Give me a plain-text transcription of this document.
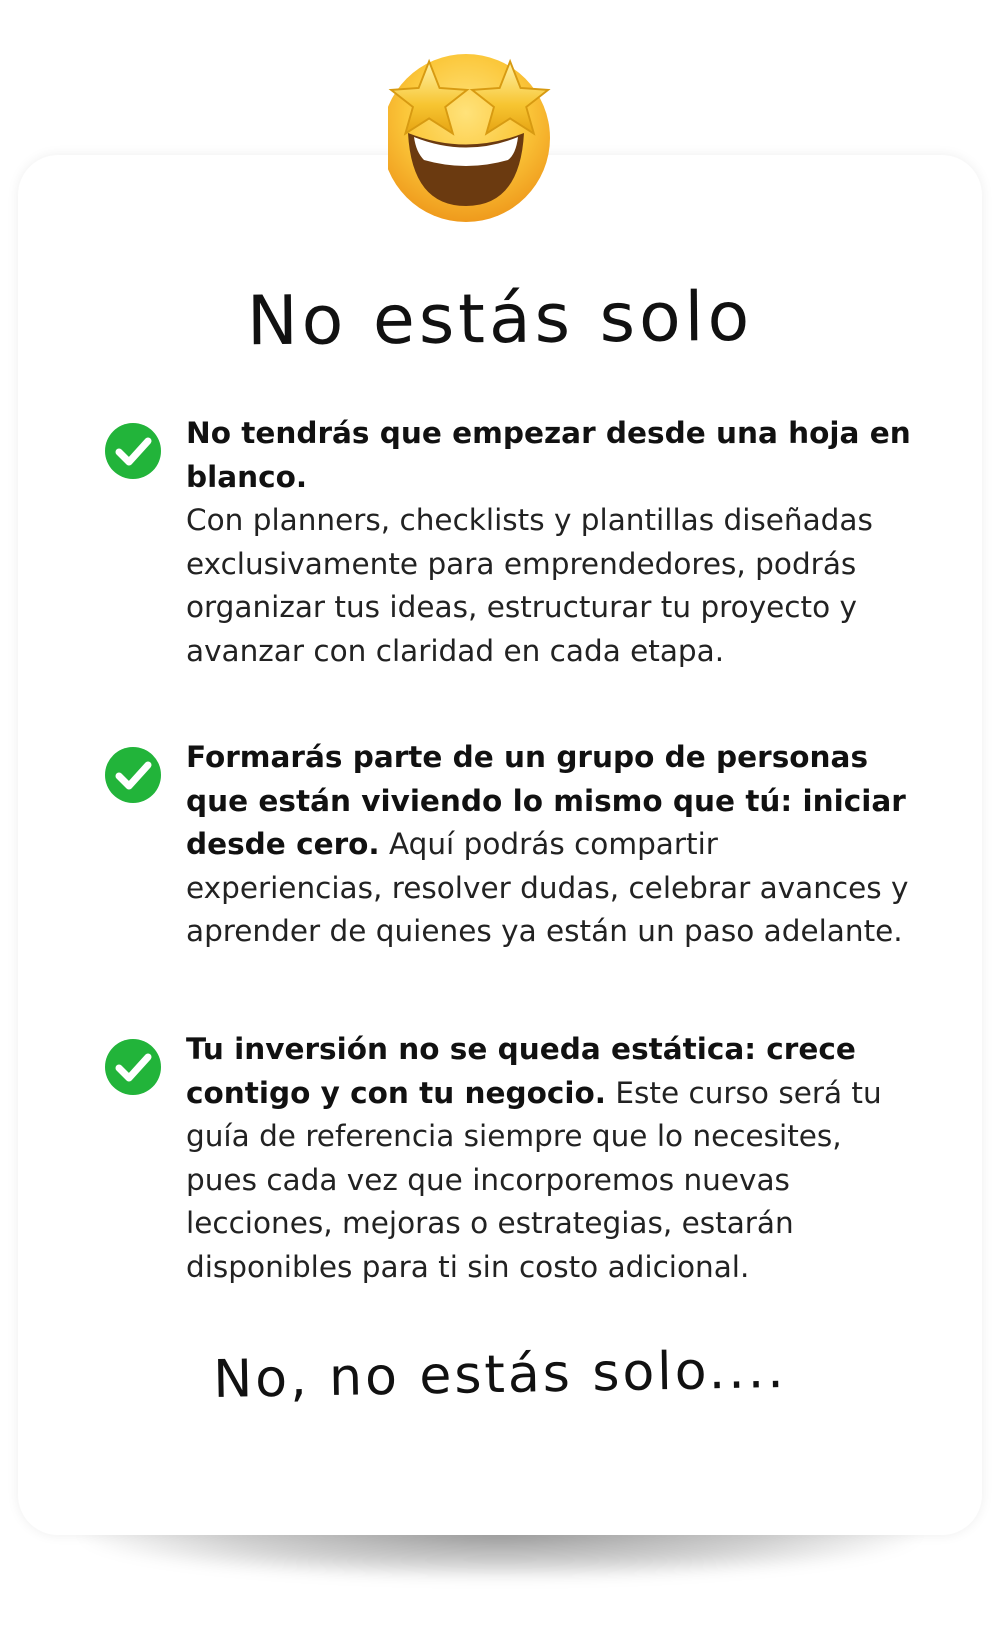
No estás solo
No tendrás que empezar desde una hoja en blanco.
Con planners, checklists y plantillas diseñadas exclusivamente para emprendedores, podrás organizar tus ideas, estructurar tu proyecto y avanzar con claridad en cada etapa.
Formarás parte de un grupo de personas que están viviendo lo mismo que tú: iniciar desde cero. Aquí podrás compartir experiencias, resolver dudas, celebrar avances y aprender de quienes ya están un paso adelante.
Tu inversión no se queda estática: crece contigo y con tu negocio. Este curso será tu guía de referencia siempre que lo necesites, pues cada vez que incorporemos nuevas lecciones, mejoras o estrategias, estarán disponibles para ti sin costo adicional.
No, no estás solo....
